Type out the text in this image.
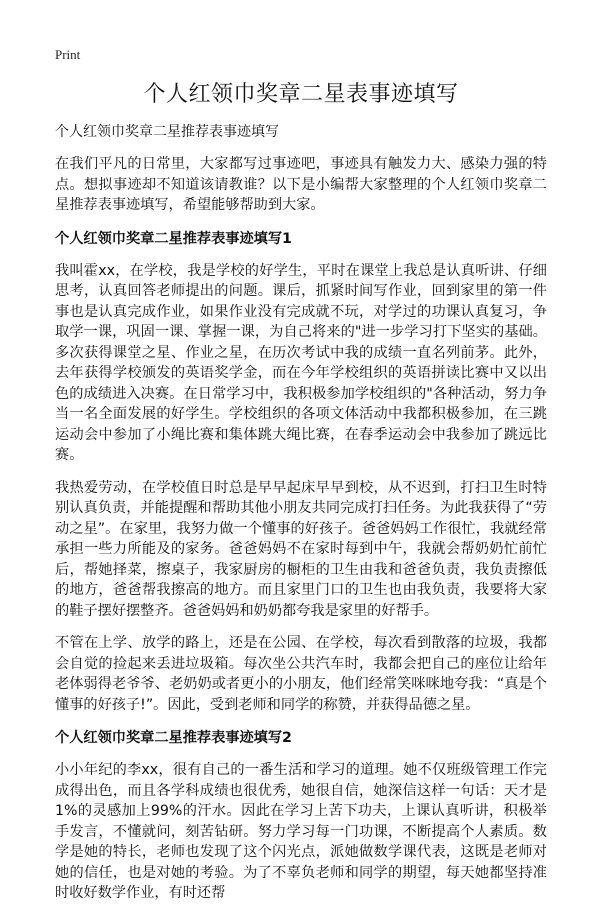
Print
个人红领巾奖章二星表事迹填写
个人红领巾奖章二星推荐表事迹填写

在我们平凡的日常里，大家都写过事迹吧，事迹具有触发力大、感染力强的特点。想拟事迹却不知道该请教谁？以下是小编帮大家整理的个人红领巾奖章二星推荐表事迹填写，希望能够帮助到大家。

个人红领巾奖章二星推荐表事迹填写1

我叫霍xx，在学校，我是学校的好学生，平时在课堂上我总是认真听讲、仔细思考，认真回答老师提出的问题。课后，抓紧时间写作业，回到家里的第一件事也是认真完成作业，如果作业没有完成就不玩，对学过的功课认真复习，争取学一课，巩固一课、掌握一课，为自己将来的"进一步学习打下坚实的基础。多次获得课堂之星、作业之星，在历次考试中我的成绩一直名列前茅。此外，去年获得学校颁发的英语奖学金，而在今年学校组织的英语拼读比赛中又以出色的成绩进入决赛。在日常学习中，我积极参加学校组织的"各种活动，努力争当一名全面发展的好学生。学校组织的各项文体活动中我都积极参加，在三跳运动会中参加了小绳比赛和集体跳大绳比赛，在春季运动会中我参加了跳远比赛。

我热爱劳动，在学校值日时总是早早起床早早到校，从不迟到，打扫卫生时特别认真负责，并能提醒和帮助其他小朋友共同完成打扫任务。为此我获得了“劳动之星”。在家里，我努力做一个懂事的好孩子。爸爸妈妈工作很忙，我就经常承担一些力所能及的家务。爸爸妈妈不在家时每到中午，我就会帮奶奶忙前忙后，帮她择菜，擦桌子，我家厨房的橱柜的卫生由我和爸爸负责，我负责擦低的地方，爸爸帮我擦高的地方。而且家里门口的卫生也由我负责，我要将大家的鞋子摆好摆整齐。爸爸妈妈和奶奶都夸我是家里的好帮手。

不管在上学、放学的路上，还是在公园、在学校，每次看到散落的垃圾，我都会自觉的捡起来丢进垃圾箱。每次坐公共汽车时，我都会把自己的座位让给年老体弱得老爷爷、老奶奶或者更小的小朋友，他们经常笑咪咪地夸我：“真是个懂事的好孩子!”。因此，受到老师和同学的称赞，并获得品德之星。

个人红领巾奖章二星推荐表事迹填写2

小小年纪的李xx，很有自己的一番生活和学习的道理。她不仅班级管理工作完成得出色，而且各学科成绩也很优秀，她很自信，她深信这样一句话：天才是1%的灵感加上99%的汗水。因此在学习上苦下功夫，上课认真听讲，积极举手发言，不懂就问，刻苦钻研。努力学习每一门功课，不断提高个人素质。数学是她的特长，老师也发现了这个闪光点，派她做数学课代表，这既是老师对她的信任，也是对她的考验。为了不辜负老师和同学的期望，每天她都坚持准时收好数学作业，有时还帮
